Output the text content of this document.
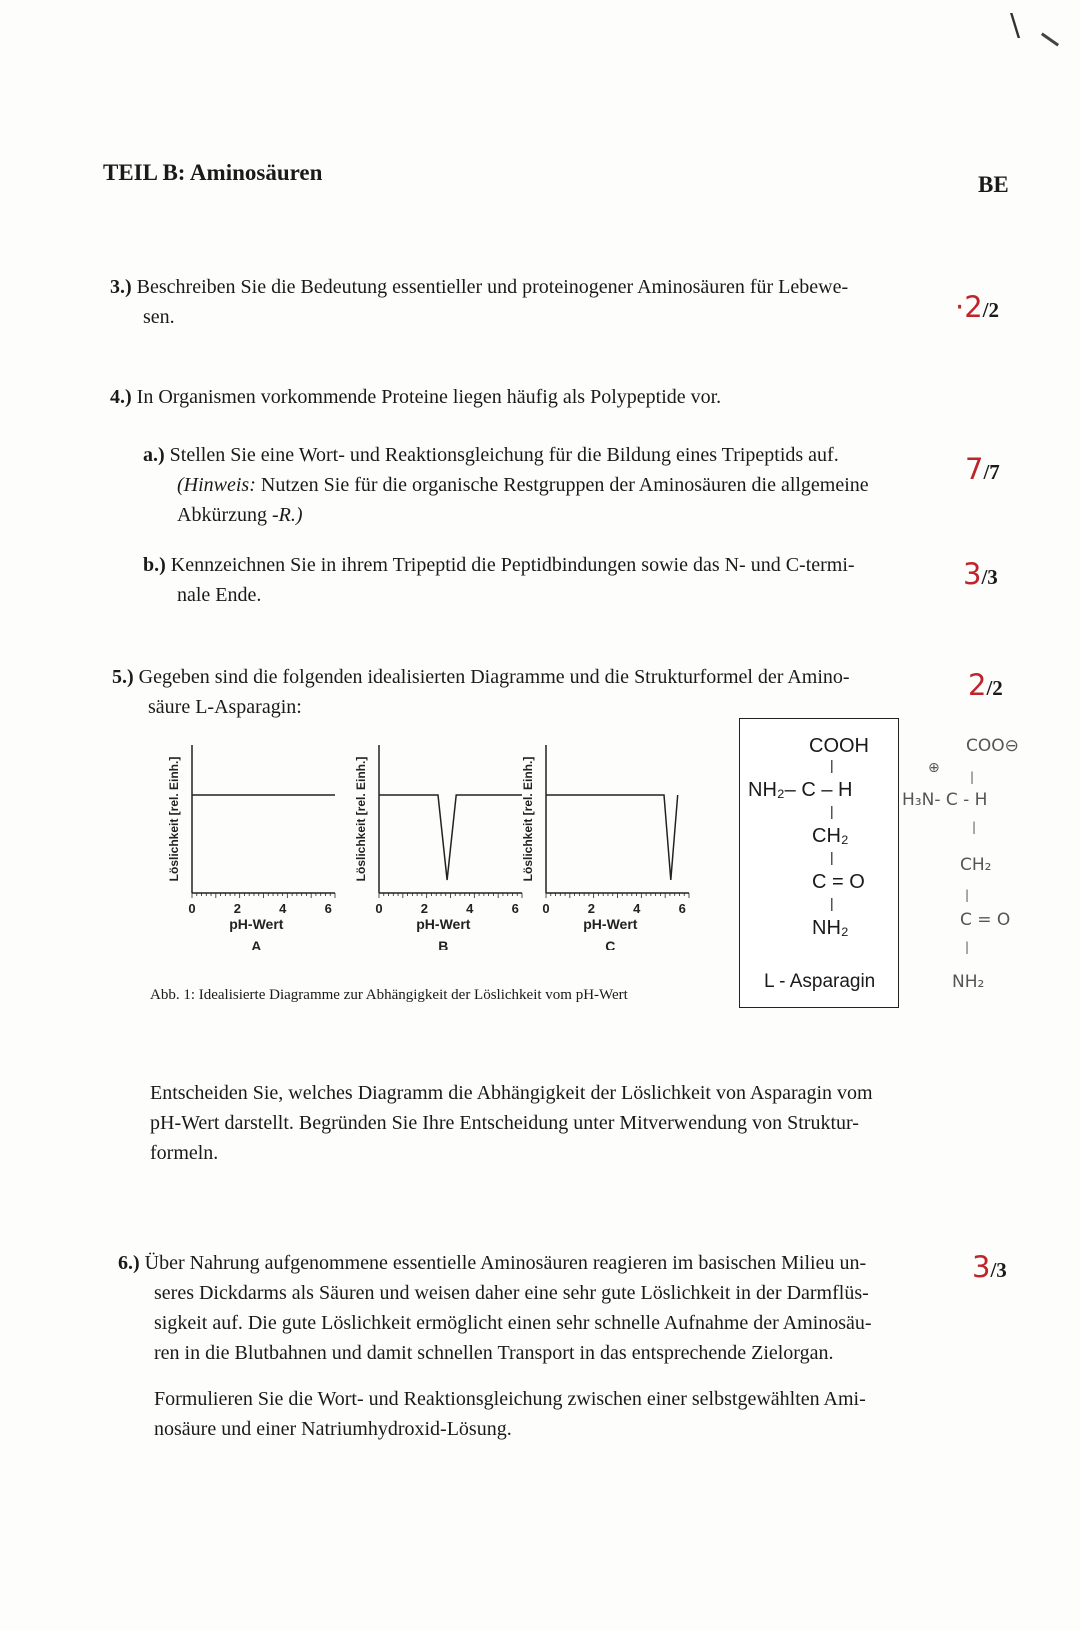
TEIL B: Aminosäuren	BE
\
3.) Beschreiben Sie die Bedeutung essentieller und proteinogener Aminosäuren für Lebewe-
sen.	·2/2
4.) In Organismen vorkommende Proteine liegen häufig als Polypeptide vor.
a.) Stellen Sie eine Wort- und Reaktionsgleichung für die Bildung eines Tripeptids auf.
(Hinweis: Nutzen Sie für die organische Restgruppen der Aminosäuren die allgemeine
Abkürzung -R.)
7/7
b.) Kennzeichnen Sie in ihrem Tripeptid die Peptidbindungen sowie das N- und C-termi-
nale Ende.
3/3
5.) Gegeben sind die folgenden idealisierten Diagramme und die Strukturformel der Amino-
säure L-Asparagin:
2/2
0	2	4	6
pH-Wert
A
Löslichkeit [rel. Einh.]
0	2	4	6
pH-Wert
B
Löslichkeit [rel. Einh.]
0	2	4	6
pH-Wert
C
Löslichkeit [rel. Einh.]
Abb. 1: Idealisierte Diagramme zur Abhängigkeit der Löslichkeit vom pH-Wert
COOH
|
NH₂– C – H
|
CH₂
|
C = O
|
NH₂
L - Asparagin
COO⊖
⊕
|
H₃N- C - H
|
CH₂
|
C = O
|
NH₂
Entscheiden Sie, welches Diagramm die Abhängigkeit der Löslichkeit von Asparagin vom
pH-Wert darstellt. Begründen Sie Ihre Entscheidung unter Mitverwendung von Struktur-
formeln.
6.) Über Nahrung aufgenommene essentielle Aminosäuren reagieren im basischen Milieu un-
seres Dickdarms als Säuren und weisen daher eine sehr gute Löslichkeit in der Darmflüs-
sigkeit auf. Die gute Löslichkeit ermöglicht einen sehr schnelle Aufnahme der Aminosäu-
ren in die Blutbahnen und damit schnellen Transport in das entsprechende Zielorgan.
Formulieren Sie die Wort- und Reaktionsgleichung zwischen einer selbstgewählten Ami-
nosäure und einer Natriumhydroxid-Lösung.
3/3
